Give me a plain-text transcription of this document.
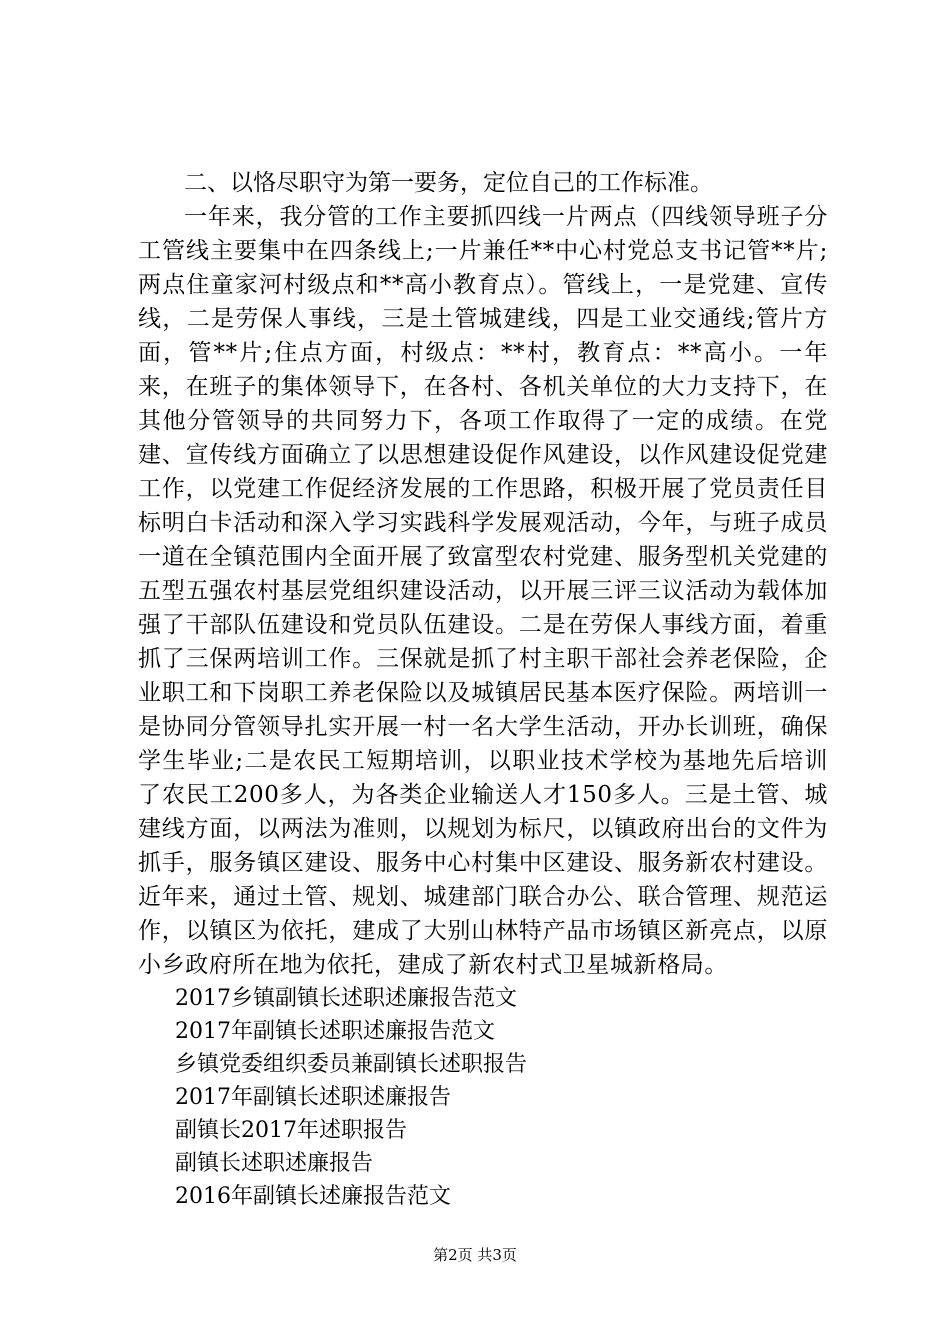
二、以恪尽职守为第一要务，定位自己的工作标准。

一年来，我分管的工作主要抓四线一片两点（四线领导班子分工管线主要集中在四条线上;一片兼任**中心村党总支书记管**片;两点住童家河村级点和**高小教育点）。管线上，一是党建、宣传线，二是劳保人事线，三是土管城建线，四是工业交通线;管片方面，管**片;住点方面，村级点：**村，教育点：**高小。一年来，在班子的集体领导下，在各村、各机关单位的大力支持下，在其他分管领导的共同努力下，各项工作取得了一定的成绩。在党建、宣传线方面确立了以思想建设促作风建设，以作风建设促党建工作，以党建工作促经济发展的工作思路，积极开展了党员责任目标明白卡活动和深入学习实践科学发展观活动，今年，与班子成员一道在全镇范围内全面开展了致富型农村党建、服务型机关党建的五型五强农村基层党组织建设活动，以开展三评三议活动为载体加强了干部队伍建设和党员队伍建设。二是在劳保人事线方面，着重抓了三保两培训工作。三保就是抓了村主职干部社会养老保险，企业职工和下岗职工养老保险以及城镇居民基本医疗保险。两培训一是协同分管领导扎实开展一村一名大学生活动，开办长训班，确保学生毕业;二是农民工短期培训，以职业技术学校为基地先后培训了农民工200多人，为各类企业输送人才150多人。三是土管、城建线方面，以两法为准则，以规划为标尺，以镇政府出台的文件为抓手，服务镇区建设、服务中心村集中区建设、服务新农村建设。近年来，通过土管、规划、城建部门联合办公、联合管理、规范运作，以镇区为依托，建成了大别山林特产品市场镇区新亮点，以原小乡政府所在地为依托，建成了新农村式卫星城新格局。

2017乡镇副镇长述职述廉报告范文
2017年副镇长述职述廉报告范文
乡镇党委组织委员兼副镇长述职报告
2017年副镇长述职述廉报告
副镇长2017年述职报告
副镇长述职述廉报告
2016年副镇长述廉报告范文
第2页 共3页
